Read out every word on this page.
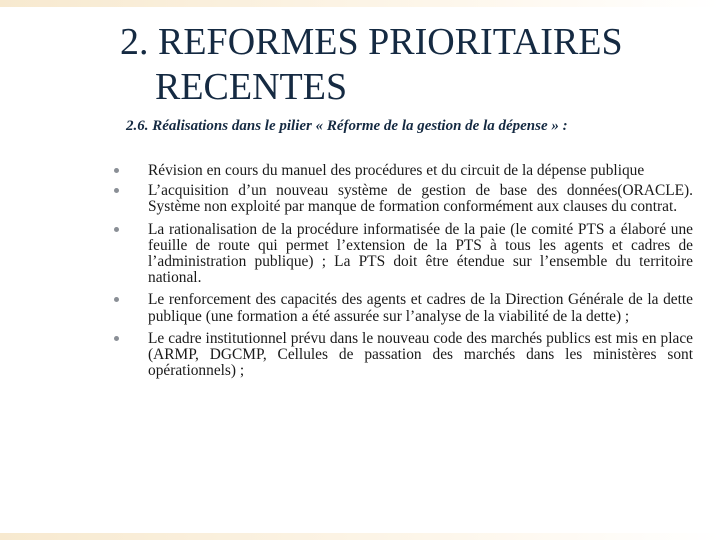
2. REFORMES PRIORITAIRES
RECENTES

2.6. Réalisations dans le pilier « Réforme de la gestion de la dépense » :

Révision en cours du manuel des procédures et du circuit de la dépense publique
L’acquisition d’un nouveau système de gestion de base des données(ORACLE). Système non exploité par manque de formation conformément aux clauses du contrat.
La rationalisation de la procédure informatisée de la paie (le comité PTS a élaboré une feuille de route qui permet l’extension de la PTS à tous les agents et cadres de l’administration publique) ; La PTS doit être étendue sur l’ensemble du territoire national.
Le renforcement des capacités des agents et cadres de la Direction Générale de la dette publique (une formation a été assurée sur l’analyse de la viabilité de la dette) ;
Le cadre institutionnel prévu dans le nouveau code des marchés publics est mis en place (ARMP, DGCMP, Cellules de passation des marchés dans les ministères sont opérationnels) ;
